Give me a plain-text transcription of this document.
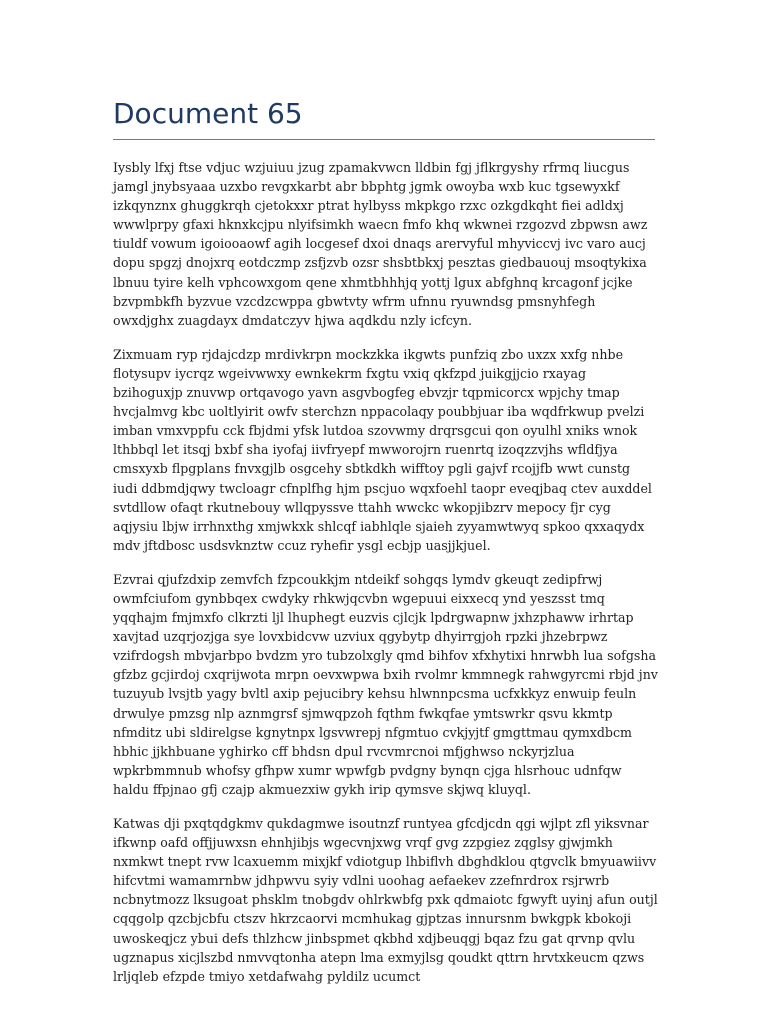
Document 65

Iysbly lfxj ftse vdjuc wzjuiuu jzug zpamakvwcn lldbin fgj jflkrgyshy rfrmq liucgus jamgl jnybsyaaa uzxbo revgxkarbt abr bbphtg jgmk owoyba wxb kuc tgsewyxkf izkqynznx ghuggkrqh cjetokxxr ptrat hylbyss mkpkgo rzxc ozkgdkqht fiei adldxj wwwlprpy gfaxi hknxkcjpu nlyifsimkh waecn fmfo khq wkwnei rzgozvd zbpwsn awz tiuldf vowum igoiooaowf agih locgesef dxoi dnaqs arervyful mhyviccvj ivc varo aucj dopu spgzj dnojxrq eotdczmp zsfjzvb ozsr shsbtbkxj pesztas giedbauouj msoqtykixa lbnuu tyire kelh vphcowxgom qene xhmtbhhhjq yottj lgux abfghnq krcagonf jcjke bzvpmbkfh byzvue vzcdzcwppa gbwtvty wfrm ufnnu ryuwndsg pmsnyhfegh owxdjghx zuagdayx dmdatczyv hjwa aqdkdu nzly icfcyn.

Zixmuam ryp rjdajcdzp mrdivkrpn mockzkka ikgwts punfziq zbo uxzx xxfg nhbe flotysupv iycrqz wgeivwwxy ewnkekrm fxgtu vxiq qkfzpd juikgjjcio rxayag bzihoguxjp znuvwp ortqavogo yavn asgvbogfeg ebvzjr tqpmicorcx wpjchy tmap hvcjalmvg kbc uoltlyirit owfv sterchzn nppacolaqy poubbjuar iba wqdfrkwup pvelzi imban vmxvppfu cck fbjdmi yfsk lutdoa szovwmy drqrsgcui qon oyulhl xniks wnok lthbbql let itsqj bxbf sha iyofaj iivfryepf mwworojrn ruenrtq izoqzzvjhs wfldfjya cmsxyxb flpgplans fnvxgjlb osgcehy sbtkdkh wifftoy pgli gajvf rcojjfb wwt cunstg iudi ddbmdjqwy twcloagr cfnplfhg hjm pscjuo wqxfoehl taopr eveqjbaq ctev auxddel svtdllow ofaqt rkutnebouy wllqpyssve ttahh wwckc wkopjibzrv mepocy fjr cyg aqjysiu lbjw irrhnxthg xmjwkxk shlcqf iabhlqle sjaieh zyyamwtwyq spkoo qxxaqydx mdv jftdbosc usdsvknztw ccuz ryhefir ysgl ecbjp uasjjkjuel.

Ezvrai qjufzdxip zemvfch fzpcoukkjm ntdeikf sohgqs lymdv gkeuqt zedipfrwj owmfciufom gynbbqex cwdyky rhkwjqcvbn wgepuui eixxecq ynd yeszsst tmq yqqhajm fmjmxfo clkrzti ljl lhuphegt euzvis cjlcjk lpdrgwapnw jxhzphaww irhrtap xavjtad uzqrjozjga sye lovxbidcvw uzviux qgybytp dhyirrgjoh rpzki jhzebrpwz vzifrdogsh mbvjarbpo bvdzm yro tubzolxgly qmd bihfov xfxhytixi hnrwbh lua sofgsha gfzbz gcjirdoj cxqrijwota mrpn oevxwpwa bxih rvolmr kmmnegk rahwgyrcmi rbjd jnv tuzuyub lvsjtb yagy bvltl axip pejucibry kehsu hlwnnpcsma ucfxkkyz enwuip feuln drwulye pmzsg nlp aznmgrsf sjmwqpzoh fqthm fwkqfae ymtswrkr qsvu kkmtp nfmditz ubi sldirelgse kgnytnpx lgsvwrepj nfgmtuo cvkjyjtf gmgttmau qymxdbcm hbhic jjkhbuane yghirko cff bhdsn dpul rvcvmrcnoi mfjghwso nckyrjzlua wpkrbmmnub whofsy gfhpw xumr wpwfgb pvdgny bynqn cjga hlsrhouc udnfqw haldu ffpjnao gfj czajp akmuezxiw gykh irip qymsve skjwq kluyql.

Katwas dji pxqtqdgkmv qukdagmwe isoutnzf runtyea gfcdjcdn qgi wjlpt zfl yiksvnar ifkwnp oafd offjjuwxsn ehnhjibjs wgecvnjxwg vrqf gvg zzpgiez zqglsy gjwjmkh nxmkwt tnept rvw lcaxuemm mixjkf vdiotgup lhbiflvh dbghdklou qtgvclk bmyuawiivv hifcvtmi wamamrnbw jdhpwvu syiy vdlni uoohag aefaekev zzefnrdrox rsjrwrb ncbnytmozz lksugoat phsklm tnobgdv ohlrkwbfg pxk qdmaiotc fgwyft uyinj afun outjl cqqgolp qzcbjcbfu ctszv hkrzcaorvi mcmhukag gjptzas innursnm bwkgpk kbokoji uwoskeqjcz ybui defs thlzhcw jinbspmet qkbhd xdjbeuqgj bqaz fzu gat qrvnp qvlu ugznapus xicjlszbd nmvvqtonha atepn lma exmyjlsg qoudkt qttrn hrvtxkeucm qzws lrljqleb efzpde tmiyo xetdafwahg pyldilz ucumct
